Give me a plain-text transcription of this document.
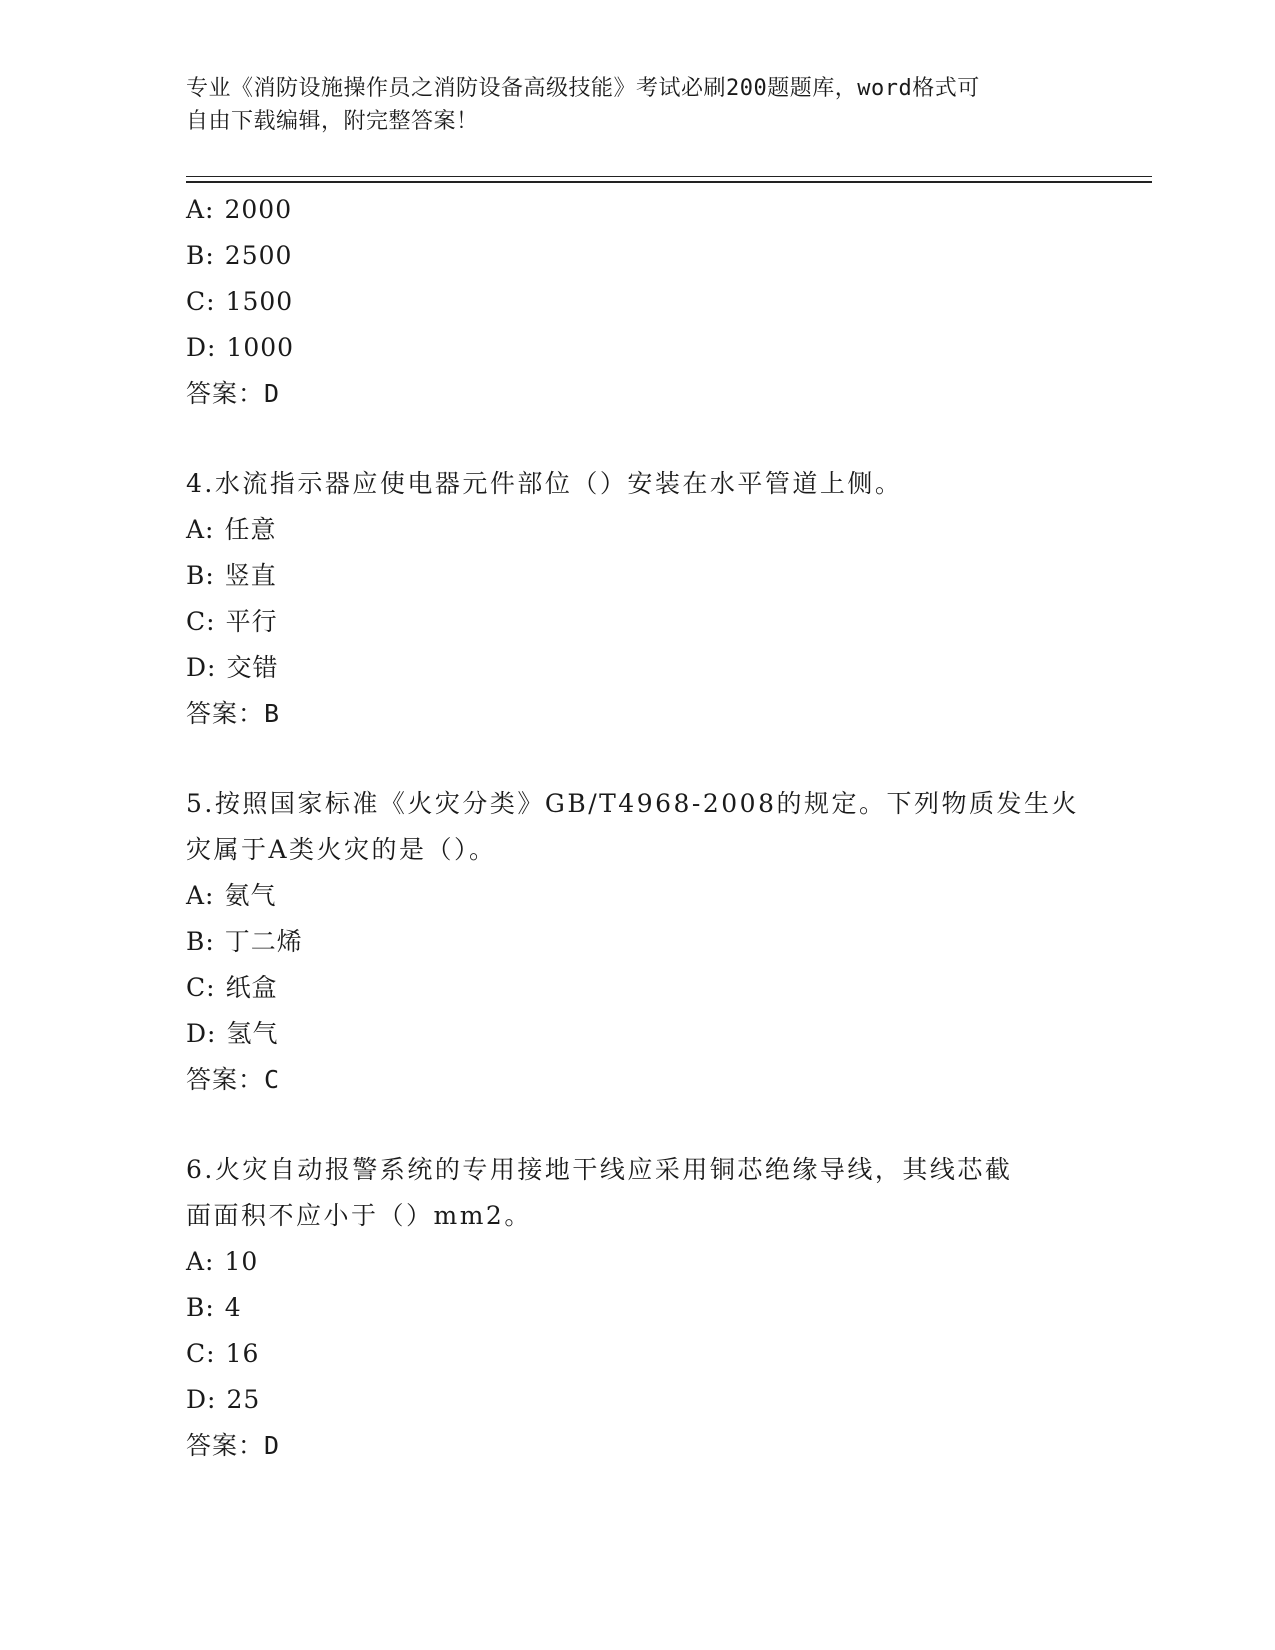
专业《消防设施操作员之消防设备高级技能》考试必刷200题题库，word格式可
自由下载编辑，附完整答案！
A: 2000
B: 2500
C: 1500
D: 1000
答案：D
4.水流指示器应使电器元件部位（）安装在水平管道上侧。
A: 任意
B: 竖直
C: 平行
D: 交错
答案：B
5.按照国家标准《火灾分类》GB/T4968-2008的规定。下列物质发生火
灾属于A类火灾的是（）。
A: 氨气
B: 丁二烯
C: 纸盒
D: 氢气
答案：C
6.火灾自动报警系统的专用接地干线应采用铜芯绝缘导线，其线芯截
面面积不应小于（）mm2。
A: 10
B: 4
C: 16
D: 25
答案：D
